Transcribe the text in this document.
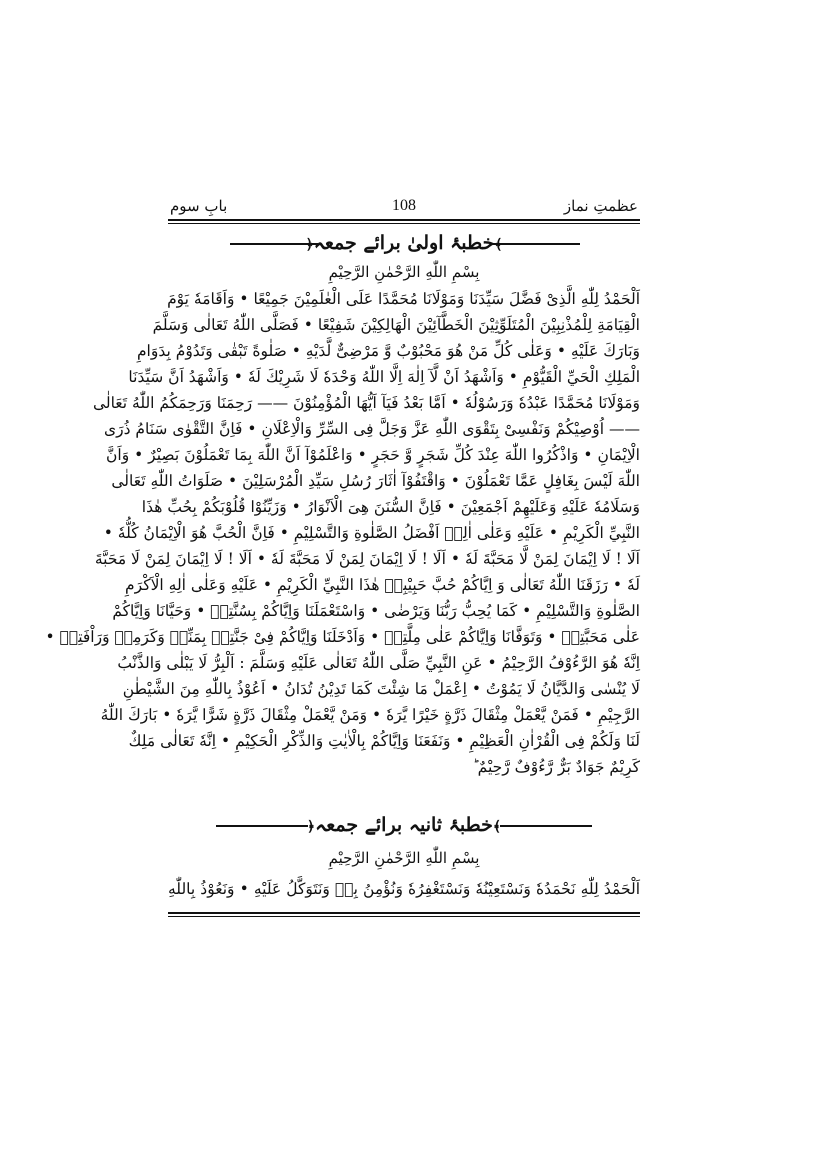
عظمتِ نماز
108
بابِ سوم
﴾خطبۂ اولیٰ برائے جمعہ﴿
بِسْمِ اللّٰهِ الرَّحْمٰنِ الرَّحِيْمِ
اَلْحَمْدُ لِلّٰهِ الَّذِىْ فَضَّلَ سَيِّدَنَا وَمَوْلَانَا مُحَمَّدًا عَلَى الْعٰلَمِيْنَ جَمِيْعًا • وَاَقَامَهٗ يَوْمَ
الْقِيَامَةِ لِلْمُذْنِبِيْنَ الْمُتَلَوِّثِيْنَ الْخَطَّآئِيْنَ الْهَالِكِيْنَ شَفِيْعًا • فَصَلَّى اللّٰهُ تَعَالٰى وَسَلَّمَ
وَبَارَكَ عَلَيْهِ • وَعَلٰى كُلِّ مَنْ هُوَ مَحْبُوْبٌ وَّ مَرْضِىٌّ لَّدَيْهِ • صَلٰوةً تَبْقٰى وَتَدُوْمُ بِدَوَامِ
الْمَلِكِ الْحَيِّ الْقَيُّوْمِ • وَاَشْهَدُ اَنْ لَّآ اِلٰهَ اِلَّا اللّٰهُ وَحْدَهٗ لَا شَرِيْكَ لَهٗ • وَاَشْهَدُ اَنَّ سَيِّدَنَا
وَمَوْلَانَا مُحَمَّدًا عَبْدُهٗ وَرَسُوْلُهٗ • اَمَّا بَعْدُ فَيَآ اَيُّهَا الْمُؤْمِنُوْنَ —— رَحِمَنَا وَرَحِمَكُمُ اللّٰهُ تَعَالٰى
—— اُوْصِيْكُمْ وَنَفْسِىْ بِتَقْوَى اللّٰهِ عَزَّ وَجَلَّ فِى السِّرِّ وَالْاِعْلَانِ • فَاِنَّ التَّقْوٰى سَنَامُ ذُرَى
الْاِيْمَانِ • وَاذْكُرُوا اللّٰهَ عِنْدَ كُلِّ شَجَرٍ وَّ حَجَرٍ • وَاعْلَمُوْآ اَنَّ اللّٰهَ بِمَا تَعْمَلُوْنَ بَصِيْرٌ • وَاَنَّ
اللّٰهَ لَيْسَ بِغَافِلٍ عَمَّا تَعْمَلُوْنَ • وَاقْتَفُوْآ اٰثَارَ رُسُلِ سَيِّدِ الْمُرْسَلِيْنَ • صَلَوَاتُ اللّٰهِ تَعَالٰى
وَسَلَامُهٗ عَلَيْهِ وَعَلَيْهِمْ اَجْمَعِيْنَ • فَاِنَّ السُّنَنَ هِىَ الْاَنْوَارُ • وَزَيِّنُوْا قُلُوْبَكُمْ بِحُبِّ هٰذَا
النَّبِيِّ الْكَرِيْمِ • عَلَيْهِ وَعَلٰى اٰلِهٖ اَفْضَلُ الصَّلٰوةِ وَالتَّسْلِيْمِ • فَاِنَّ الْحُبَّ هُوَ الْاِيْمَانُ كُلُّهٗ •
اَلَا ! لَا اِيْمَانَ لِمَنْ لَّا مَحَبَّةَ لَهٗ • اَلَا ! لَا اِيْمَانَ لِمَنْ لَا مَحَبَّةَ لَهٗ • اَلَا ! لَا اِيْمَانَ لِمَنْ لَا مَحَبَّةَ
لَهٗ • رَزَقَنَا اللّٰهُ تَعَالٰى وَ اِيَّاكُمْ حُبَّ حَبِيْبِهٖ هٰذَا النَّبِيِّ الْكَرِيْمِ • عَلَيْهِ وَعَلٰى اٰلِهِ الْاَكْرَمِ
الصَّلٰوةِ وَالتَّسْلِيْمِ • كَمَا يُحِبُّ رَبُّنَا وَيَرْضٰى • وَاسْتَعْمَلَنَا وَاِيَّاكُمْ بِسُنَّتِهٖ • وَحَيَّانَا وَاِيَّاكُمْ
عَلٰى مَحَبَّتِهٖ • وَتَوَفَّانَا وَاِيَّاكُمْ عَلٰى مِلَّتِهٖ • وَاَدْخَلَنَا وَاِيَّاكُمْ فِىْ جَنَّتِهٖ بِمَنِّهٖ وَكَرَمِهٖ وَرَاْفَتِهٖ •
اِنَّهٗ هُوَ الرَّءُوْفُ الرَّحِيْمُ • عَنِ النَّبِيِّ صَلَّى اللّٰهُ تَعَالٰى عَلَيْهِ وَسَلَّمَ : اَلْبِرُّ لَا يَبْلٰى وَالذَّنْبُ
لَا يُنْسٰى وَالدَّيَّانُ لَا يَمُوْتُ • اِعْمَلْ مَا شِئْتَ كَمَا تَدِيْنُ تُدَانُ • اَعُوْذُ بِاللّٰهِ مِنَ الشَّيْطٰنِ
الرَّجِيْمِ • فَمَنْ يَّعْمَلْ مِثْقَالَ ذَرَّةٍ خَيْرًا يَّرَهٗ • وَمَنْ يَّعْمَلْ مِثْقَالَ ذَرَّةٍ شَرًّا يَّرَهٗ • بَارَكَ اللّٰهُ
لَنَا وَلَكُمْ فِى الْقُرْاٰنِ الْعَظِيْمِ • وَنَفَعَنَا وَاِيَّاكُمْ بِالْاٰيٰتِ وَالذِّكْرِ الْحَكِيْمِ • اِنَّهٗ تَعَالٰى مَلِكٌ
كَرِيْمٌ جَوَادٌ بَرٌّ رَّءُوْفٌ رَّحِيْمٌ ؕ
﴾خطبۂ ثانیہ برائے جمعہ﴿
بِسْمِ اللّٰهِ الرَّحْمٰنِ الرَّحِيْمِ
اَلْحَمْدُ لِلّٰهِ نَحْمَدُهٗ وَنَسْتَعِيْنُهٗ وَنَسْتَغْفِرُهٗ وَنُؤْمِنُ بِهٖ وَنَتَوَكَّلُ عَلَيْهِ • وَنَعُوْذُ بِاللّٰهِ
